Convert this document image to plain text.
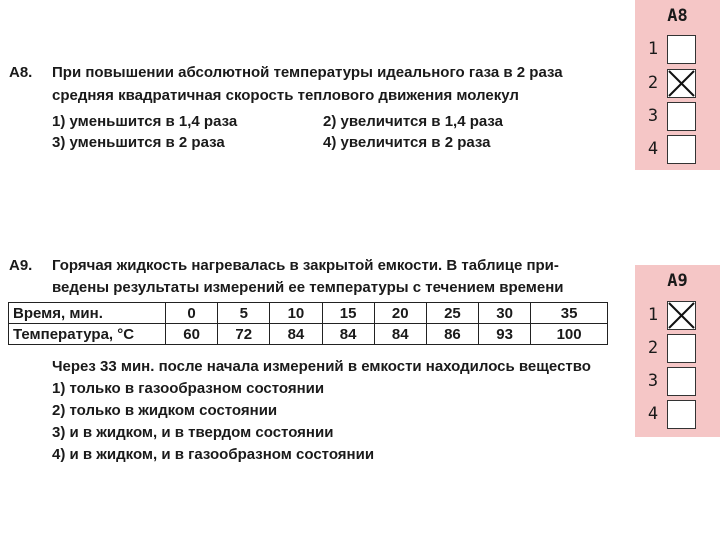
A8. При повышении абсолютной температуры идеального газа в 2 раза
средняя квадратичная скорость теплового движения молекул
1) уменьшится в 1,4 раза	2) увеличится в 1,4 раза
3) уменьшится в 2 раза	4) увеличится в 2 раза
A9. Горячая жидкость нагревалась в закрытой емкости. В таблице при-
ведены результаты измерений ее температуры с течением времени
Время, мин.	0	5	10	15	20	25	30	35
Температура, °С	60	72	84	84	84	86	93	100
Через 33 мин. после начала измерений в емкости находилось вещество
1) только в газообразном состоянии
2) только в жидком состоянии
3) и в жидком, и в твердом состоянии
4) и в жидком, и в газообразном состоянии
A8
1
2
3
4
A9
1
2
3
4
